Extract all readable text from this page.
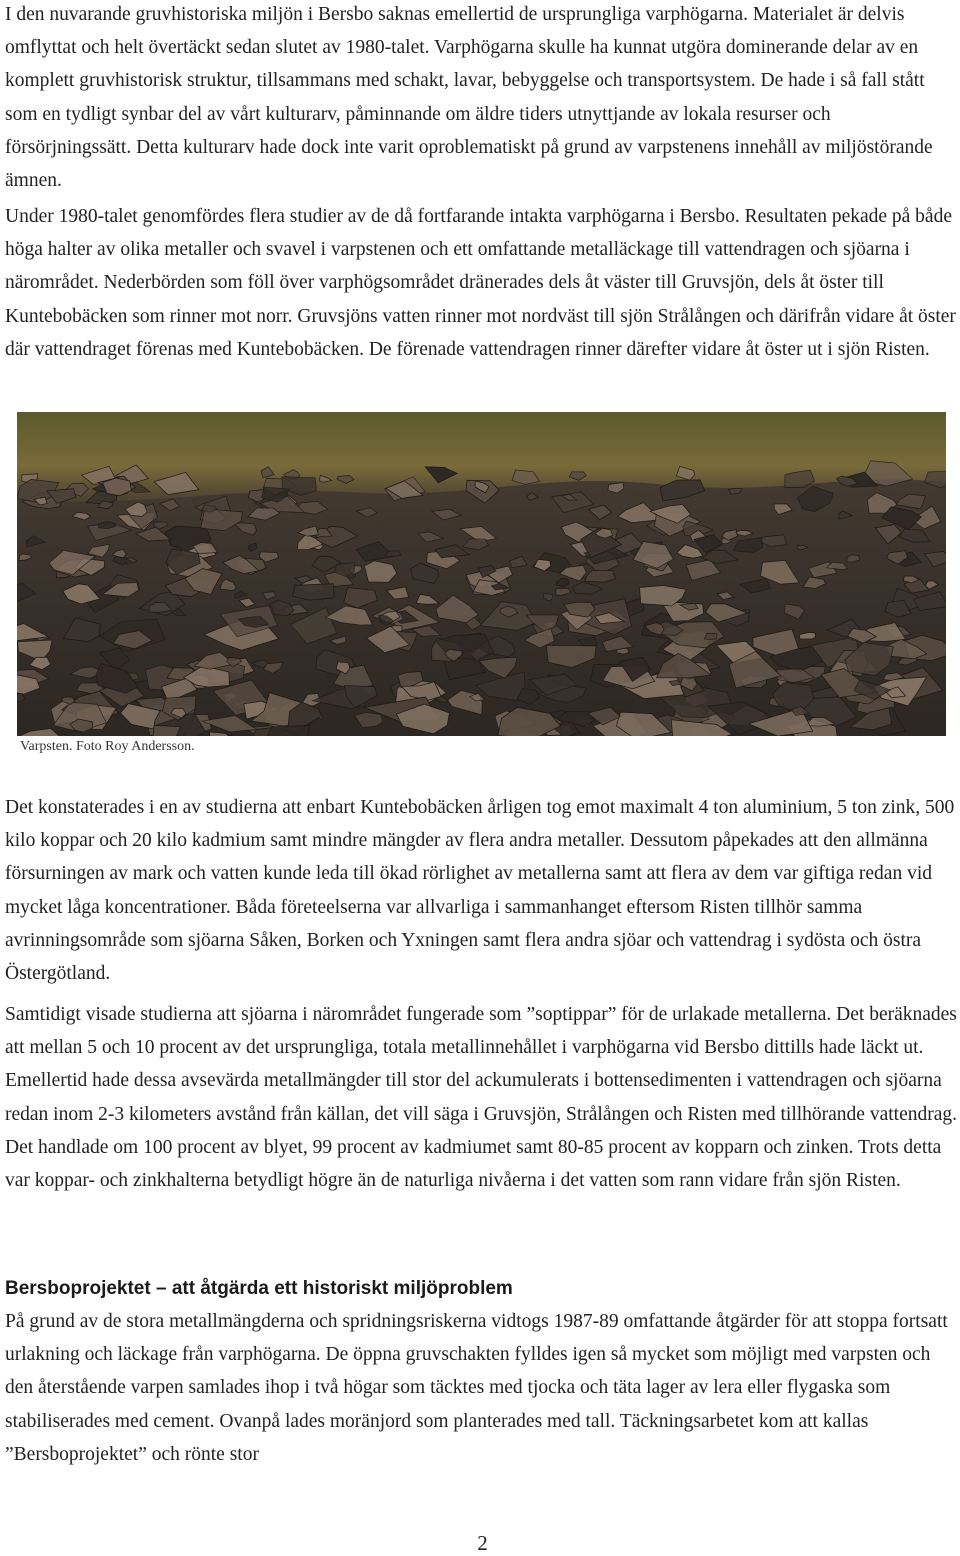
I den nuvarande gruvhistoriska miljön i Bersbo saknas emellertid de ursprungliga varphögarna. Materialet är delvis omflyttat och helt övertäckt sedan slutet av 1980-talet. Varphögarna skulle ha kunnat utgöra dominerande delar av en komplett gruvhistorisk struktur, tillsammans med schakt, lavar, bebyggelse och transportsystem. De hade i så fall stått som en tydligt synbar del av vårt kulturarv, påminnande om äldre tiders utnyttjande av lokala resurser och försörjningssätt. Detta kulturarv hade dock inte varit oproblematiskt på grund av varpstenens innehåll av miljöstörande ämnen.

Under 1980-talet genomfördes flera studier av de då fortfarande intakta varphögarna i Bersbo. Resultaten pekade på både höga halter av olika metaller och svavel i varpstenen och ett omfattande metalläckage till vattendragen och sjöarna i närområdet. Nederbörden som föll över varphögsområdet dränerades dels åt väster till Gruvsjön, dels åt öster till Kuntebobäcken som rinner mot norr. Gruvsjöns vatten rinner mot nordväst till sjön Strålången och därifrån vidare åt öster där vattendraget förenas med Kuntebobäcken. De förenade vattendragen rinner därefter vidare åt öster ut i sjön Risten.

Varpsten. Foto Roy Andersson.

Det konstaterades i en av studierna att enbart Kuntebobäcken årligen tog emot maximalt 4 ton aluminium, 5 ton zink, 500 kilo koppar och 20 kilo kadmium samt mindre mängder av flera andra metaller. Dessutom påpekades att den allmänna försurningen av mark och vatten kunde leda till ökad rörlighet av metallerna samt att flera av dem var giftiga redan vid mycket låga koncentrationer. Båda företeelserna var allvarliga i sammanhanget eftersom Risten tillhör samma avrinningsområde som sjöarna Såken, Borken och Yxningen samt flera andra sjöar och vattendrag i sydösta och östra Östergötland.

Samtidigt visade studierna att sjöarna i närområdet fungerade som ”soptippar” för de urlakade metallerna. Det beräknades att mellan 5 och 10 procent av det ursprungliga, totala metallinnehållet i varphögarna vid Bersbo dittills hade läckt ut. Emellertid hade dessa avsevärda metallmängder till stor del ackumulerats i bottensedimenten i vattendragen och sjöarna redan inom 2-3 kilometers avstånd från källan, det vill säga i Gruvsjön, Strålången och Risten med tillhörande vattendrag. Det handlade om 100 procent av blyet, 99 procent av kadmiumet samt 80-85 procent av kopparn och zinken. Trots detta var koppar- och zinkhalterna betydligt högre än de naturliga nivåerna i det vatten som rann vidare från sjön Risten.

Bersboprojektet – att åtgärda ett historiskt miljöproblem

På grund av de stora metallmängderna och spridningsriskerna vidtogs 1987-89 omfattande åtgärder för att stoppa fortsatt urlakning och läckage från varphögarna. De öppna gruvschakten fylldes igen så mycket som möjligt med varpsten och den återstående varpen samlades ihop i två högar som täcktes med tjocka och täta lager av lera eller flygaska som stabiliserades med cement. Ovanpå lades moränjord som planterades med tall. Täckningsarbetet kom att kallas ”Bersboprojektet” och rönte stor

2
